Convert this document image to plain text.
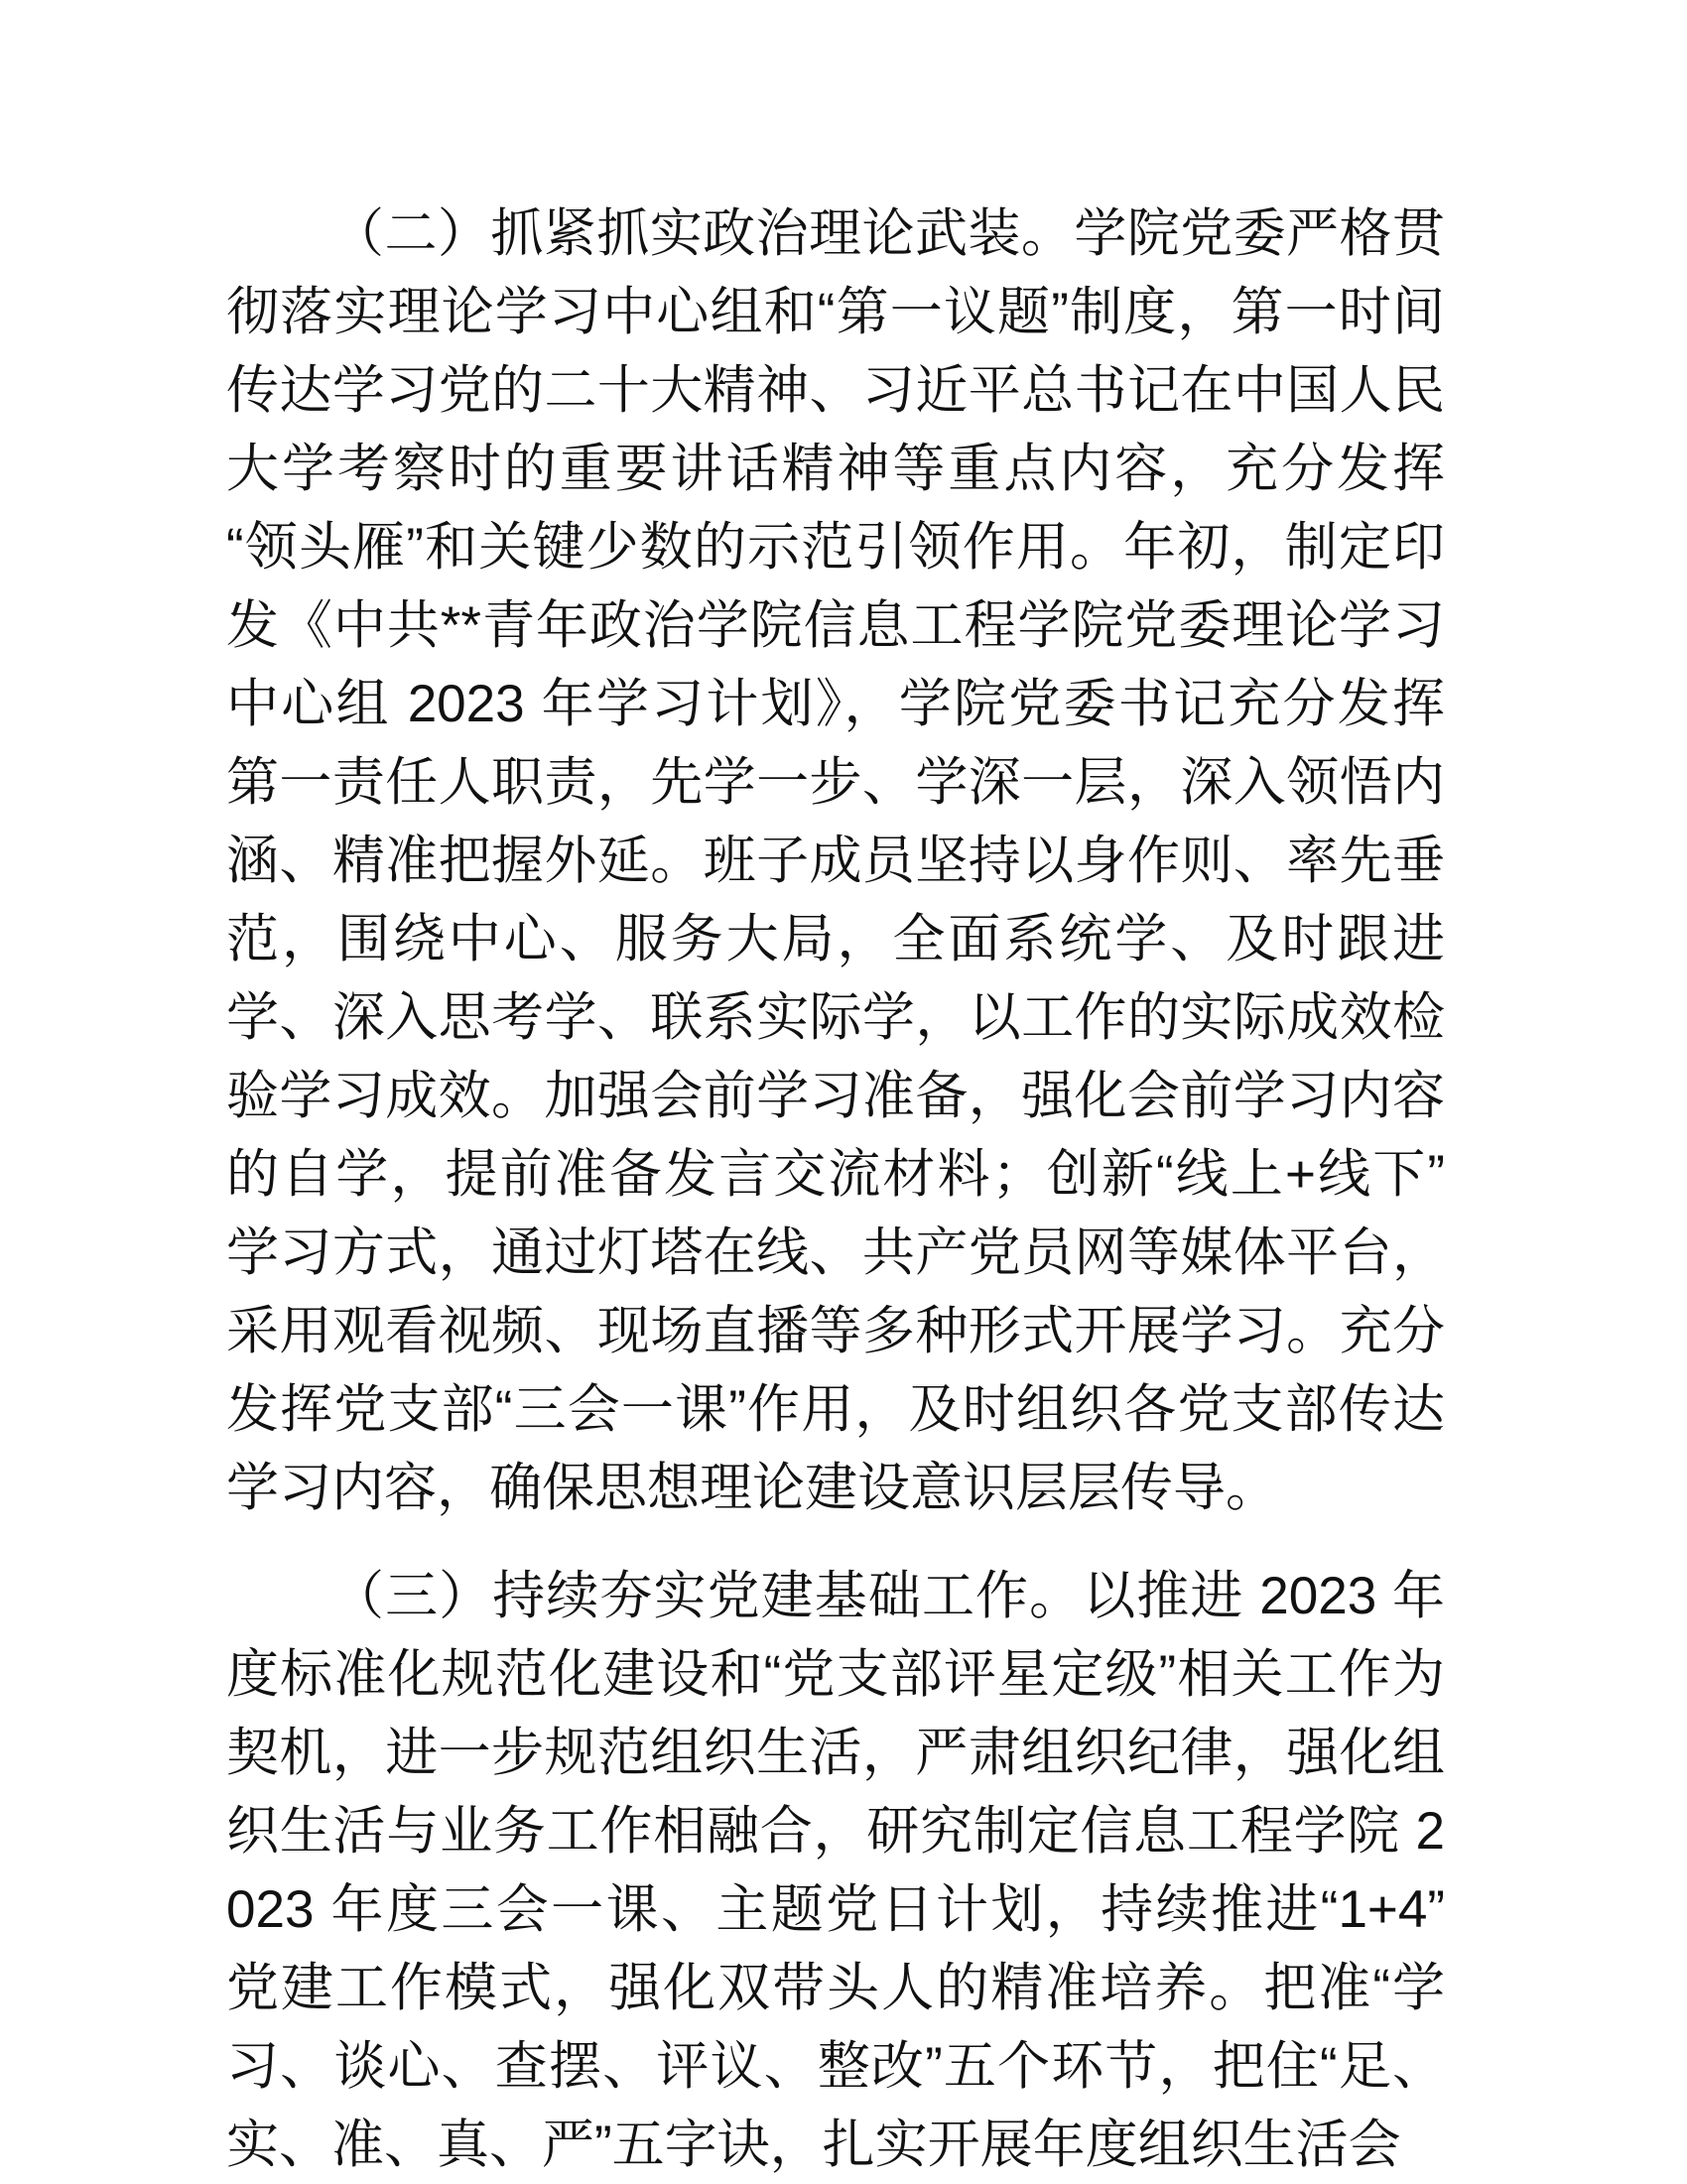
（二）抓紧抓实政治理论武装。学院党委严格贯彻落实理论学习中心组和“第一议题”制度，第一时间传达学习党的二十大精神、习近平总书记在中国人民大学考察时的重要讲话精神等重点内容，充分发挥“领头雁”和关键少数的示范引领作用。年初，制定印发《中共**青年政治学院信息工程学院党委理论学习中心组 2023 年学习计划》，学院党委书记充分发挥第一责任人职责，先学一步、学深一层，深入领悟内涵、精准把握外延。班子成员坚持以身作则、率先垂范，围绕中心、服务大局，全面系统学、及时跟进学、深入思考学、联系实际学，以工作的实际成效检验学习成效。加强会前学习准备，强化会前学习内容的自学，提前准备发言交流材料；创新“线上+线下”学习方式，通过灯塔在线、共产党员网等媒体平台，采用观看视频、现场直播等多种形式开展学习。充分发挥党支部“三会一课”作用，及时组织各党支部传达学习内容，确保思想理论建设意识层层传导。

（三）持续夯实党建基础工作。以推进 2023 年度标准化规范化建设和“党支部评星定级”相关工作为契机，进一步规范组织生活，严肃组织纪律，强化组织生活与业务工作相融合，研究制定信息工程学院 2023 年度三会一课、主题党日计划，持续推进“1+4”党建工作模式，强化双带头人的精准培养。把准“学习、谈心、查摆、评议、整改”五个环节，把住“足、实、准、真、严”五字诀，扎实开展年度组织生活会
